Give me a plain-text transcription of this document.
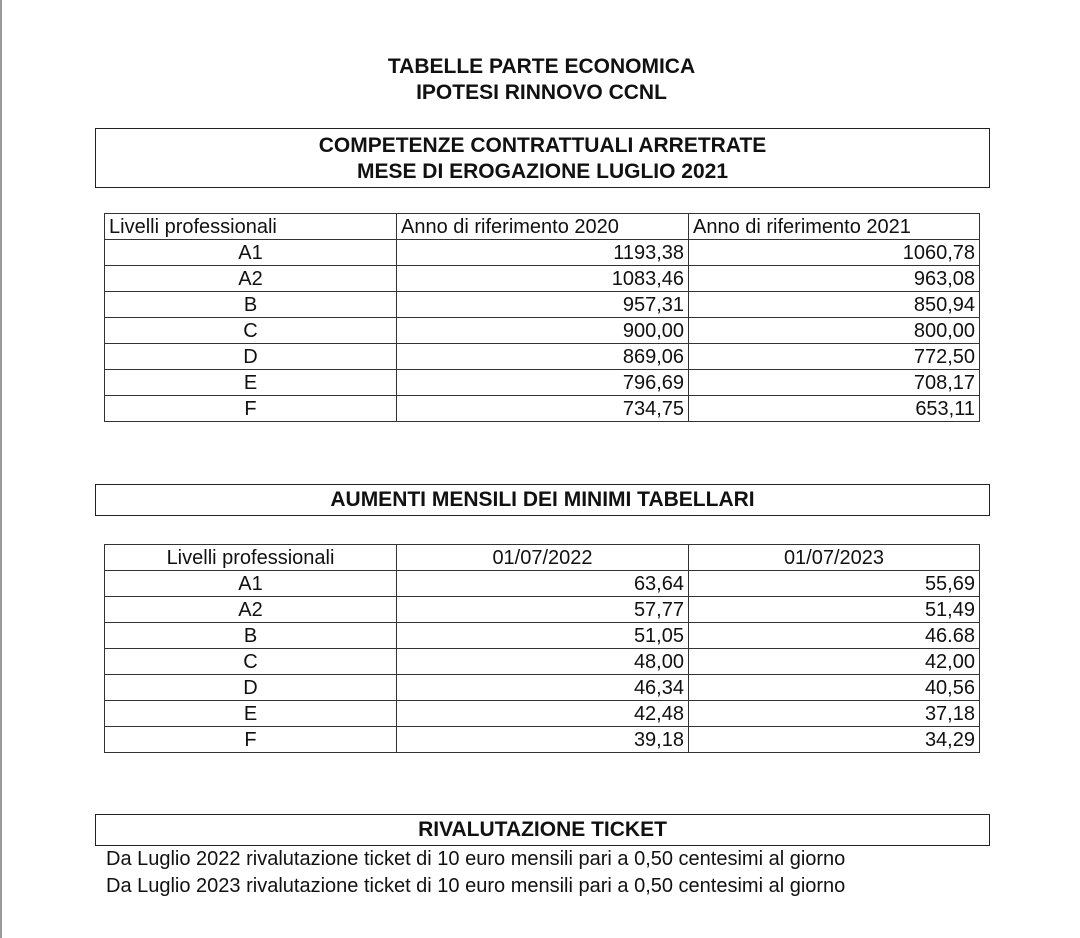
TABELLE PARTE ECONOMICA
IPOTESI RINNOVO CCNL
COMPETENZE CONTRATTUALI ARRETRATE
MESE DI EROGAZIONE LUGLIO 2021
Livelli professionali	Anno di riferimento 2020	Anno di riferimento 2021
A1	1193,38	1060,78
A2	1083,46	963,08
B	957,31	850,94
C	900,00	800,00
D	869,06	772,50
E	796,69	708,17
F	734,75	653,11
AUMENTI MENSILI DEI MINIMI TABELLARI
Livelli professionali	01/07/2022	01/07/2023
A1	63,64	55,69
A2	57,77	51,49
B	51,05	46.68
C	48,00	42,00
D	46,34	40,56
E	42,48	37,18
F	39,18	34,29
RIVALUTAZIONE TICKET
Da Luglio 2022 rivalutazione ticket di 10 euro mensili pari a 0,50 centesimi al giorno
Da Luglio 2023 rivalutazione ticket di 10 euro mensili pari a 0,50 centesimi al giorno
